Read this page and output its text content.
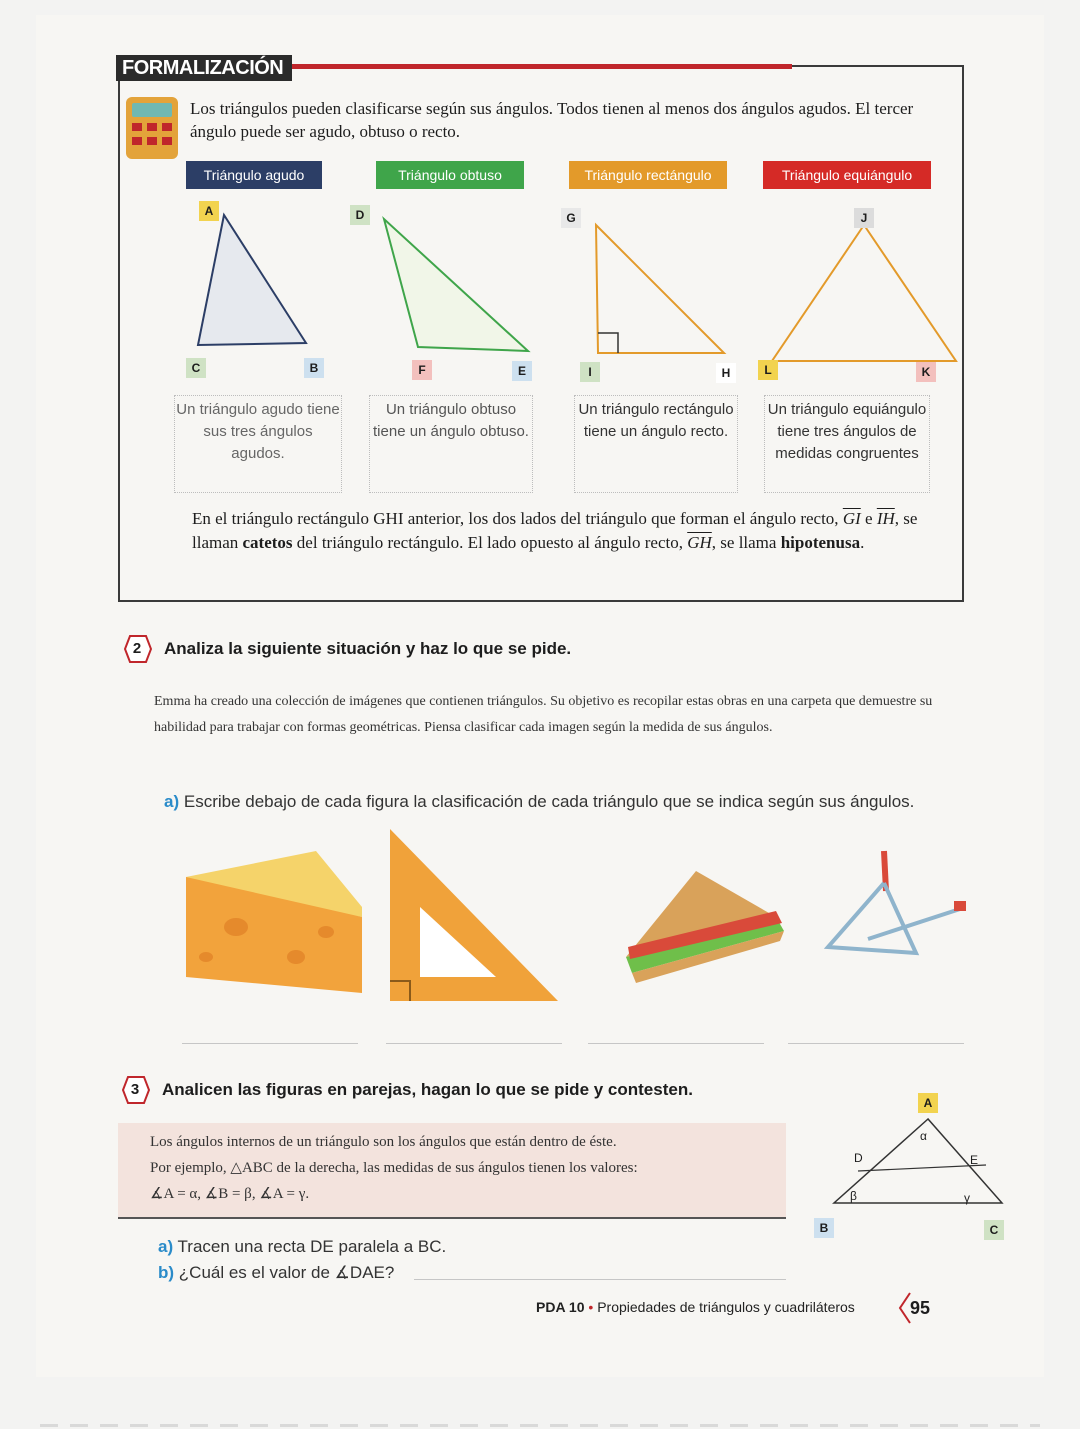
FORMALIZACIÓN
Los triángulos pueden clasificarse según sus ángulos. Todos tienen al menos dos ángulos agudos. El tercer ángulo puede ser agudo, obtuso o recto.
Triángulo agudo	Triángulo obtuso	Triángulo rectángulo	Triángulo equiángulo
A
C	B
D
F	E
G
I	H
J
L	K
Un triángulo agudo tiene sus tres ángulos agudos.
Un triángulo obtuso tiene un ángulo obtuso.
Un triángulo rectángulo tiene un ángulo recto.
Un triángulo equiángulo tiene tres ángulos de medidas congruentes
En el triángulo rectángulo GHI anterior, los dos lados del triángulo que forman el ángulo recto, $\overline{GI}$ e $\overline{IH}$, se llaman catetos del triángulo rectángulo. El lado opuesto al ángulo recto, $\overline{GH}$, se llama hipotenusa.
2	Analiza la siguiente situación y haz lo que se pide.
Emma ha creado una colección de imágenes que contienen triángulos. Su objetivo es recopilar estas obras en una carpeta que demuestre su habilidad para trabajar con formas geométricas. Piensa clasificar cada imagen según la medida de sus ángulos.
a) Escribe debajo de cada figura la clasificación de cada triángulo que se indica según sus ángulos.
3	Analicen las figuras en parejas, hagan lo que se pide y contesten.
Los ángulos internos de un triángulo son los ángulos que están dentro de éste.
Por ejemplo, △ABC de la derecha, las medidas de sus ángulos tienen los valores:
∡A = α, ∡B = β, ∡A = γ.
a) Tracen una recta DE paralela a BC.
b) ¿Cuál es el valor de ∡DAE?
A
B	C
D	E
α
β	γ
PDA 10 • Propiedades de triángulos y cuadriláteros	95
